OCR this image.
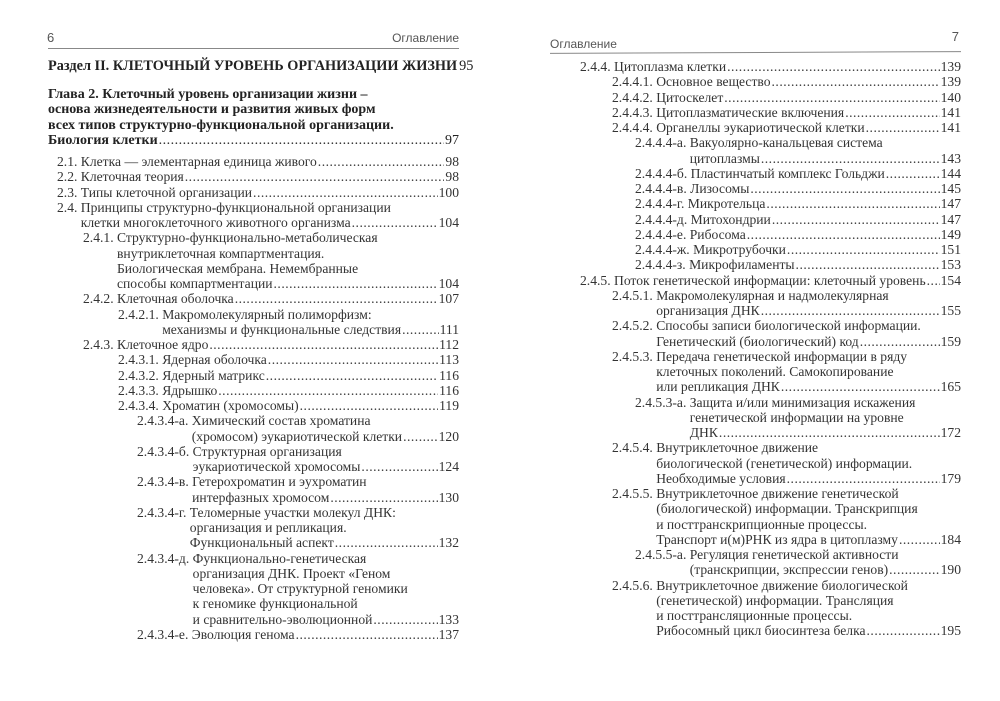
6	Оглавление
Раздел II. КЛЕТОЧНЫЙ УРОВЕНЬ ОРГАНИЗАЦИИ ЖИЗНИ 95
Глава 2. Клеточный уровень организации жизни –
основа жизнедеятельности и развития живых форм
всех типов структурно-функциональной организации.
Биология клетки .....	97
2.1.
Клетка — элементарная единица живого .....	98
2.2.
Клеточная теория .....	98
2.3.
Типы клеточной организации .....	100
2.4.
Принципы структурно-функциональной организации
клетки многоклеточного животного организма .....	104
2.4.1.
Структурно-функционально-метаболическая
внутриклеточная компартментация.
Биологическая мембрана. Немембранные
способы компартментации .....	104
2.4.2.
Клеточная оболочка .....	107
2.4.2.1.
Макромолекулярный полиморфизм:
механизмы и функциональные следствия .....	111
2.4.3.
Клеточное ядро .....	112
2.4.3.1.
Ядерная оболочка .....	113
2.4.3.2.
Ядерный матрикс .....	116
2.4.3.3.
Ядрышко .....	116
2.4.3.4.
Хроматин (хромосомы) .....	119
2.4.3.4-а.
Химический состав хроматина
(хромосом) эукариотической клетки .....	120
2.4.3.4-б.
Структурная организация
эукариотической хромосомы .....	124
2.4.3.4-в.
Гетерохроматин и эухроматин
интерфазных хромосом .....	130
2.4.3.4-г.
Теломерные участки молекул ДНК:
организация и репликация.
Функциональный аспект .....	132
2.4.3.4-д.
Функционально-генетическая
организация ДНК. Проект «Геном
человека». От структурной геномики
к геномике функциональной
и сравнительно-эволюционной .....	133
2.4.3.4-е.
Эволюция генома .....	137
Оглавление	7
2.4.4.
Цитоплазма клетки .....	139
2.4.4.1.
Основное вещество .....	139
2.4.4.2.
Цитоскелет .....	140
2.4.4.3.
Цитоплазматические включения .....	141
2.4.4.4.
Органеллы эукариотической клетки .....	141
2.4.4.4-а.
Вакуолярно-канальцевая система
цитоплазмы .....	143
2.4.4.4-б.
Пластинчатый комплекс Гольджи .....	144
2.4.4.4-в.
Лизосомы .....	145
2.4.4.4-г.
Микротельца .....	147
2.4.4.4-д.
Митохондрии .....	147
2.4.4.4-е.
Рибосома .....	149
2.4.4.4-ж.
Микротрубочки .....	151
2.4.4.4-з.
Микрофиламенты .....	153
2.4.5.
Поток генетической информации: клеточный уровень ..... 154
2.4.5.1.
Макромолекулярная и надмолекулярная
организация ДНК .....	155
2.4.5.2.
Способы записи биологической информации.
Генетический (биологический) код .....	159
2.4.5.3.
Передача генетической информации в ряду
клеточных поколений. Самокопирование
или репликация ДНК .....	165
2.4.5.3-а.
Защита и/или минимизация искажения
генетической информации на уровне
ДНК .....	172
2.4.5.4.
Внутриклеточное движение
биологической (генетической) информации.
Необходимые условия .....	179
2.4.5.5.
Внутриклеточное движение генетической
(биологической) информации. Транскрипция
и посттранскрипционные процессы.
Транспорт и(м)РНК из ядра в цитоплазму .....	184
2.4.5.5-а.
Регуляция генетической активности
(транскрипции, экспрессии генов) .....	190
2.4.5.6.
Внутриклеточное движение биологической
(генетической) информации. Трансляция
и посттрансляционные процессы.
Рибосомный цикл биосинтеза белка .....	195
